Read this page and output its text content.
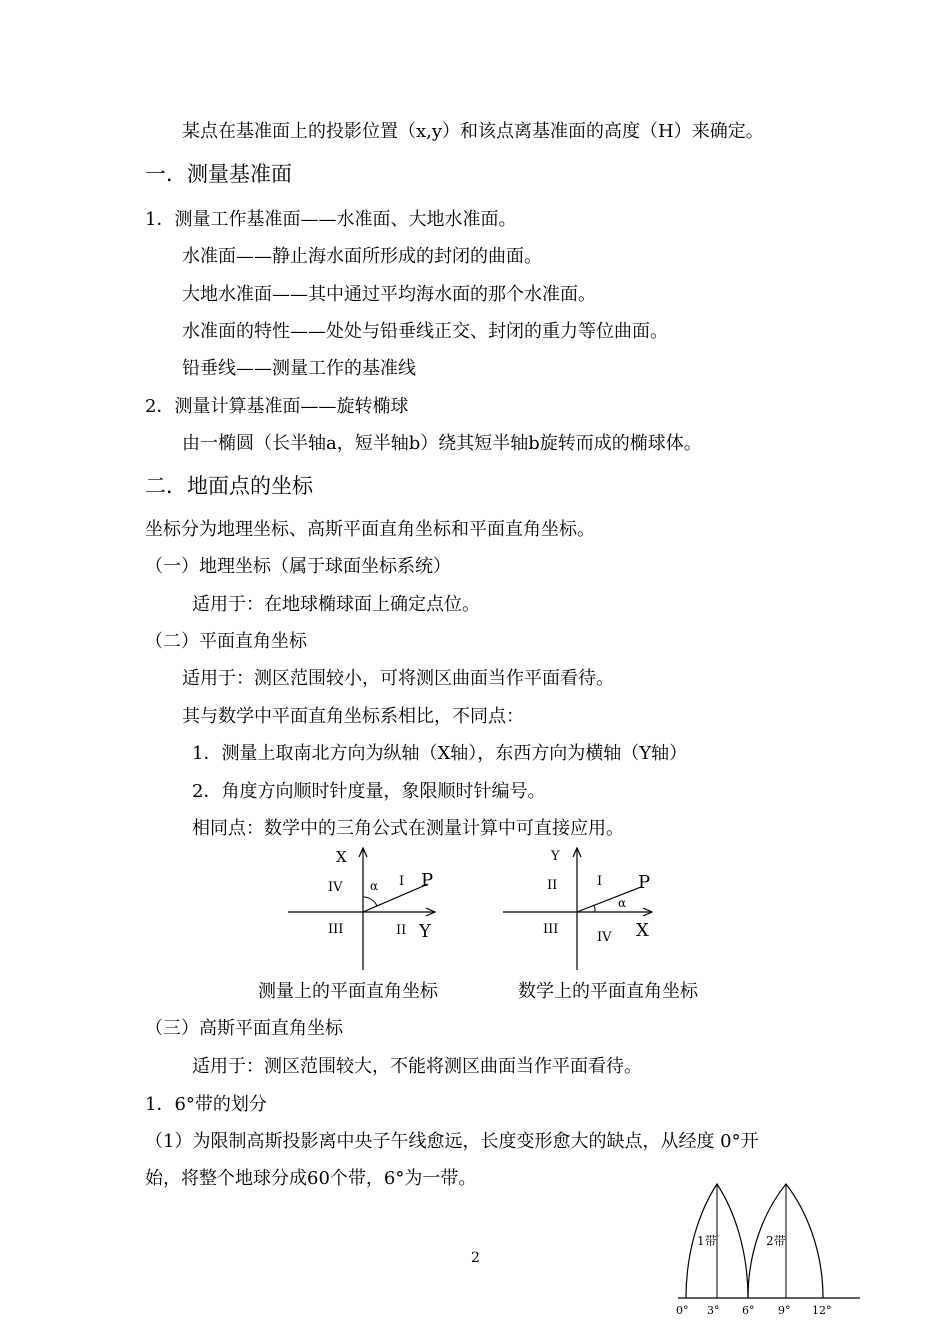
某点在基准面上的投影位置（x,y）和该点离基准面的高度（H）来确定。
一．测量基准面
1．测量工作基准面——水准面、大地水准面。
水准面——静止海水面所形成的封闭的曲面。
大地水准面——其中通过平均海水面的那个水准面。
水准面的特性——处处与铅垂线正交、封闭的重力等位曲面。
铅垂线——测量工作的基准线
2．测量计算基准面——旋转椭球
由一椭圆（长半轴a，短半轴b）绕其短半轴b旋转而成的椭球体。
二．地面点的坐标
坐标分为地理坐标、高斯平面直角坐标和平面直角坐标。
（一）地理坐标（属于球面坐标系统）
适用于：在地球椭球面上确定点位。
（二）平面直角坐标
适用于：测区范围较小，可将测区曲面当作平面看待。
其与数学中平面直角坐标系相比，不同点：
1．测量上取南北方向为纵轴（X轴），东西方向为横轴（Y轴）
2．角度方向顺时针度量，象限顺时针编号。
相同点：数学中的三角公式在测量计算中可直接应用。
X
α
IV	I P
III	II Y
Y
II	I P
α
III
IV X
测量上的平面直角坐标	数学上的平面直角坐标
（三）高斯平面直角坐标
适用于：测区范围较大，不能将测区曲面当作平面看待。
1．6°带的划分
（1）为限制高斯投影离中央子午线愈远，长度变形愈大的缺点，从经度 0°开
始，将整个地球分成60个带，6°为一带。
2
1带	2带
0° 3° 6° 9° 12°
